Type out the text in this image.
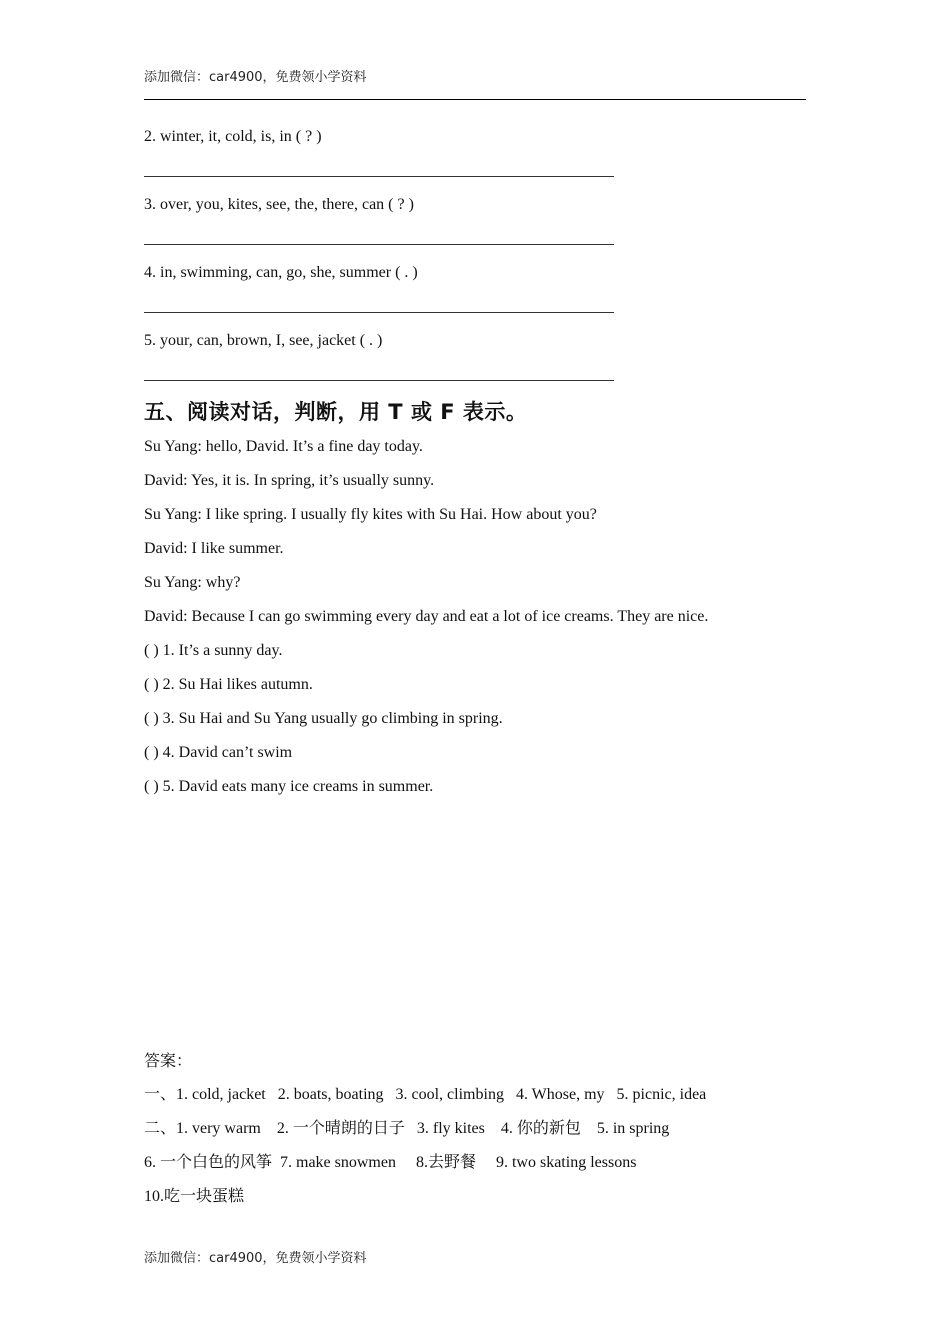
添加微信：car4900，免费领小学资料
2. winter, it, cold, is, in ( ? )
3. over, you, kites, see, the, there, can ( ? )
4. in, swimming, can, go, she, summer ( . )
5. your, can, brown, I, see, jacket ( . )
五、阅读对话，判断，用 T 或 F 表示。
Su Yang: hello, David. It’s a fine day today.
David: Yes, it is. In spring, it’s usually sunny.
Su Yang: I like spring. I usually fly kites with Su Hai. How about you?
David: I like summer.
Su Yang: why?
David: Because I can go swimming every day and eat a lot of ice creams. They are nice.
( ) 1. It’s a sunny day.
( ) 2. Su Hai likes autumn.
( ) 3. Su Hai and Su Yang usually go climbing in spring.
( ) 4. David can’t swim
( ) 5. David eats many ice creams in summer.
答案：
一、1. cold, jacket   2. boats, boating   3. cool, climbing   4. Whose, my   5. picnic, idea
二、1. very warm    2. 一个晴朗的日子   3. fly kites    4. 你的新包    5. in spring
6. 一个白色的风筝  7. make snowmen     8.去野餐     9. two skating lessons
10.吃一块蛋糕
添加微信：car4900，免费领小学资料
